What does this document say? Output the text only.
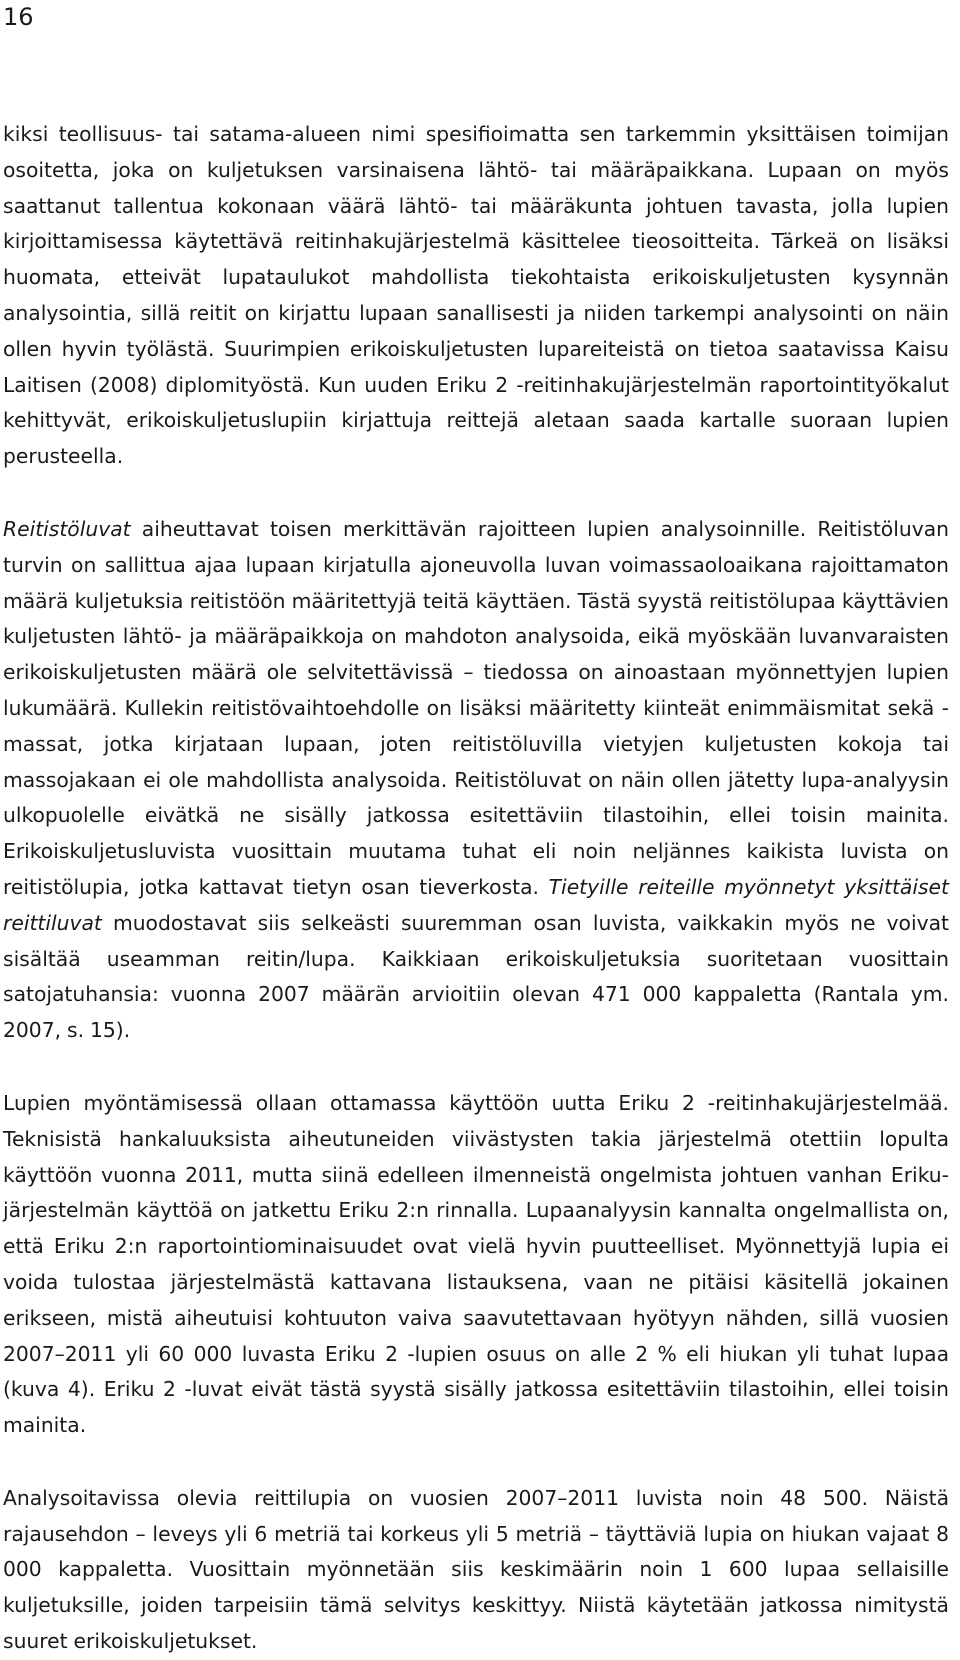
16

kiksi teollisuus- tai satama-alueen nimi spesifioimatta sen tarkemmin yksittäisen toimijan osoitetta, joka on kuljetuksen varsinaisena lähtö- tai määräpaikkana. Lupaan on myös saattanut tallentua kokonaan väärä lähtö- tai määräkunta johtuen tavasta, jolla lupien kirjoittamisessa käytettävä reitinhakujärjestelmä käsittelee tieosoitteita. Tärkeä on lisäksi huomata, etteivät lupataulukot mahdollista tiekohtaista erikoiskuljetusten kysynnän analysointia, sillä reitit on kirjattu lupaan sanallisesti ja niiden tarkempi analysointi on näin ollen hyvin työlästä. Suurimpien erikoiskuljetusten lupareiteistä on tietoa saatavissa Kaisu Laitisen (2008) diplomityöstä. Kun uuden Eriku 2 -reitinhakujärjestelmän raportointityökalut kehittyvät, erikoiskuljetuslupiin kirjattuja reittejä aletaan saada kartalle suoraan lupien perusteella.

Reitistöluvat aiheuttavat toisen merkittävän rajoitteen lupien analysoinnille. Reitistöluvan turvin on sallittua ajaa lupaan kirjatulla ajoneuvolla luvan voimassaoloaikana rajoittamaton määrä kuljetuksia reitistöön määritettyjä teitä käyttäen. Tästä syystä reitistölupaa käyttävien kuljetusten lähtö- ja määräpaikkoja on mahdoton analysoida, eikä myöskään luvanvaraisten erikoiskuljetusten määrä ole selvitettävissä – tiedossa on ainoastaan myönnettyjen lupien lukumäärä. Kullekin reitistövaihtoehdolle on lisäksi määritetty kiinteät enimmäismitat sekä -massat, jotka kirjataan lupaan, joten reitistöluvilla vietyjen kuljetusten kokoja tai massojakaan ei ole mahdollista analysoida. Reitistöluvat on näin ollen jätetty lupa-analyysin ulkopuolelle eivätkä ne sisälly jatkossa esitettäviin tilastoihin, ellei toisin mainita. Erikoiskuljetusluvista vuosittain muutama tuhat eli noin neljännes kaikista luvista on reitistölupia, jotka kattavat tietyn osan tieverkosta. Tietyille reiteille myönnetyt yksittäiset reittiluvat muodostavat siis selkeästi suuremman osan luvista, vaikkakin myös ne voivat sisältää useamman reitin/lupa. Kaikkiaan erikoiskuljetuksia suoritetaan vuosittain satojatuhansia: vuonna 2007 määrän arvioitiin olevan 471 000 kappaletta (Rantala ym. 2007, s. 15).

Lupien myöntämisessä ollaan ottamassa käyttöön uutta Eriku 2 -reitinhakujärjestelmää. Teknisistä hankaluuksista aiheutuneiden viivästysten takia järjestelmä otettiin lopulta käyttöön vuonna 2011, mutta siinä edelleen ilmenneistä ongelmista johtuen vanhan Eriku-järjestelmän käyttöä on jatkettu Eriku 2:n rinnalla. Lupaanalyysin kannalta ongelmallista on, että Eriku 2:n raportointiominaisuudet ovat vielä hyvin puutteelliset. Myönnettyjä lupia ei voida tulostaa järjestelmästä kattavana listauksena, vaan ne pitäisi käsitellä jokainen erikseen, mistä aiheutuisi kohtuuton vaiva saavutettavaan hyötyyn nähden, sillä vuosien 2007–2011 yli 60 000 luvasta Eriku 2 -lupien osuus on alle 2 % eli hiukan yli tuhat lupaa (kuva 4). Eriku 2 -luvat eivät tästä syystä sisälly jatkossa esitettäviin tilastoihin, ellei toisin mainita.

Analysoitavissa olevia reittilupia on vuosien 2007–2011 luvista noin 48 500. Näistä rajausehdon – leveys yli 6 metriä tai korkeus yli 5 metriä – täyttäviä lupia on hiukan vajaat 8 000 kappaletta. Vuosittain myönnetään siis keskimäärin noin 1 600 lupaa sellaisille kuljetuksille, joiden tarpeisiin tämä selvitys keskittyy. Niistä käytetään jatkossa nimitystä suuret erikoiskuljetukset.
